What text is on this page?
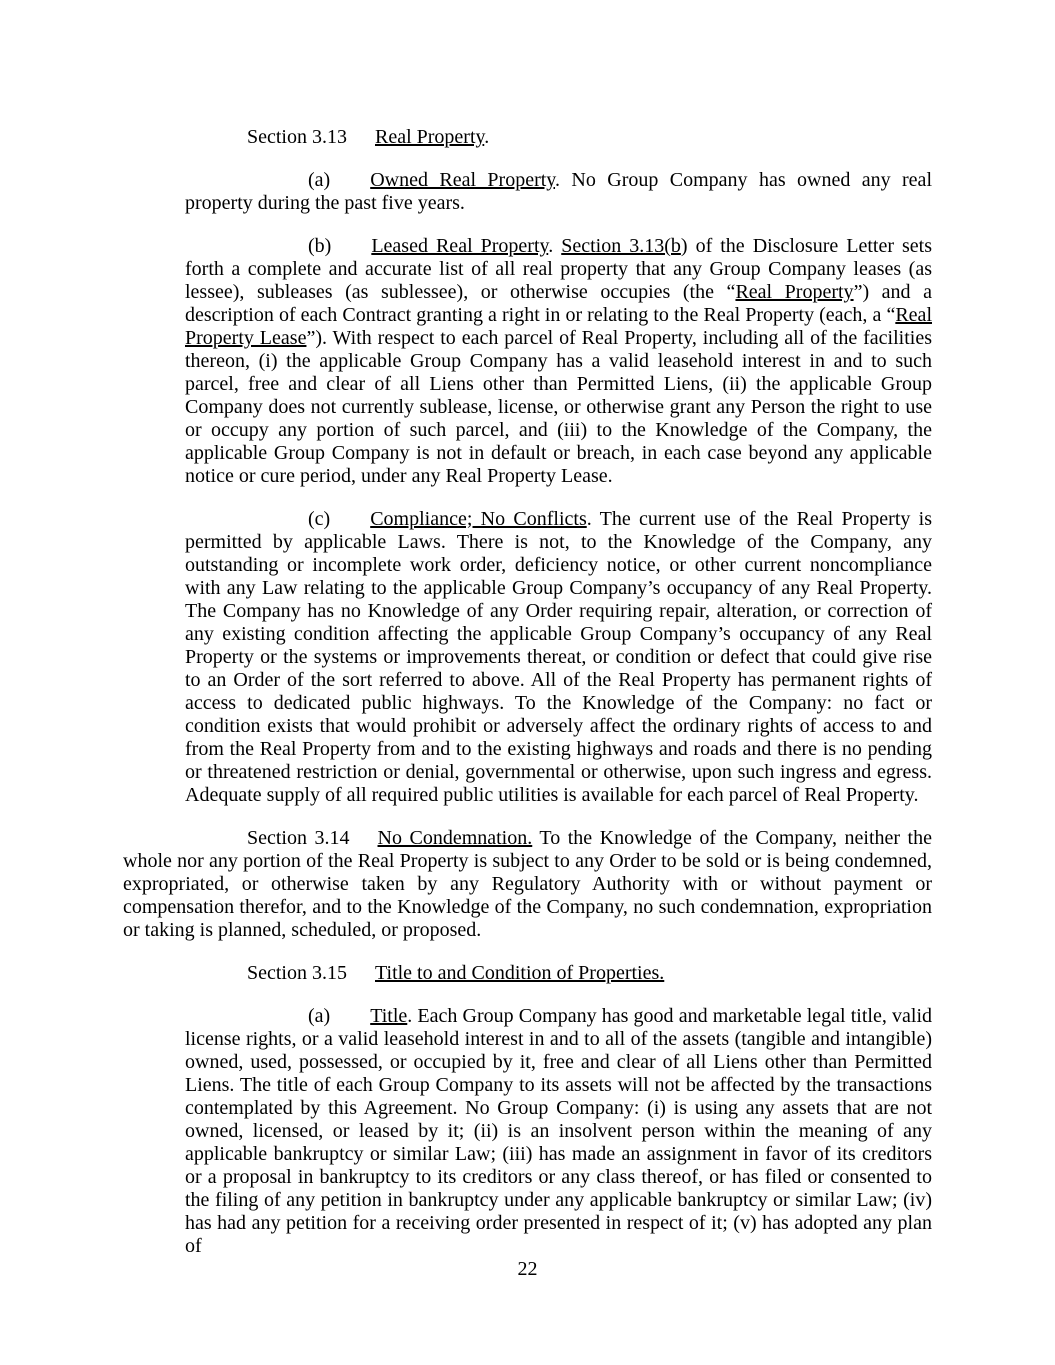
Section 3.13 Real Property.

(a) Owned Real Property. No Group Company has owned any real property during the past five years.

(b) Leased Real Property. Section 3.13(b) of the Disclosure Letter sets forth a complete and accurate list of all real property that any Group Company leases (as lessee), subleases (as sublessee), or otherwise occupies (the “Real Property”) and a description of each Contract granting a right in or relating to the Real Property (each, a “Real Property Lease”). With respect to each parcel of Real Property, including all of the facilities thereon, (i) the applicable Group Company has a valid leasehold interest in and to such parcel, free and clear of all Liens other than Permitted Liens, (ii) the applicable Group Company does not currently sublease, license, or otherwise grant any Person the right to use or occupy any portion of such parcel, and (iii) to the Knowledge of the Company, the applicable Group Company is not in default or breach, in each case beyond any applicable notice or cure period, under any Real Property Lease.

(c) Compliance; No Conflicts. The current use of the Real Property is permitted by applicable Laws. There is not, to the Knowledge of the Company, any outstanding or incomplete work order, deficiency notice, or other current noncompliance with any Law relating to the applicable Group Company’s occupancy of any Real Property. The Company has no Knowledge of any Order requiring repair, alteration, or correction of any existing condition affecting the applicable Group Company’s occupancy of any Real Property or the systems or improvements thereat, or condition or defect that could give rise to an Order of the sort referred to above. All of the Real Property has permanent rights of access to dedicated public highways. To the Knowledge of the Company: no fact or condition exists that would prohibit or adversely affect the ordinary rights of access to and from the Real Property from and to the existing highways and roads and there is no pending or threatened restriction or denial, governmental or otherwise, upon such ingress and egress. Adequate supply of all required public utilities is available for each parcel of Real Property.

Section 3.14 No Condemnation. To the Knowledge of the Company, neither the whole nor any portion of the Real Property is subject to any Order to be sold or is being condemned, expropriated, or otherwise taken by any Regulatory Authority with or without payment or compensation therefor, and to the Knowledge of the Company, no such condemnation, expropriation or taking is planned, scheduled, or proposed.

Section 3.15 Title to and Condition of Properties.

(a) Title. Each Group Company has good and marketable legal title, valid license rights, or a valid leasehold interest in and to all of the assets (tangible and intangible) owned, used, possessed, or occupied by it, free and clear of all Liens other than Permitted Liens. The title of each Group Company to its assets will not be affected by the transactions contemplated by this Agreement. No Group Company: (i) is using any assets that are not owned, licensed, or leased by it; (ii) is an insolvent person within the meaning of any applicable bankruptcy or similar Law; (iii) has made an assignment in favor of its creditors or a proposal in bankruptcy to its creditors or any class thereof, or has filed or consented to the filing of any petition in bankruptcy under any applicable bankruptcy or similar Law; (iv) has had any petition for a receiving order presented in respect of it; (v) has adopted any plan of

22
